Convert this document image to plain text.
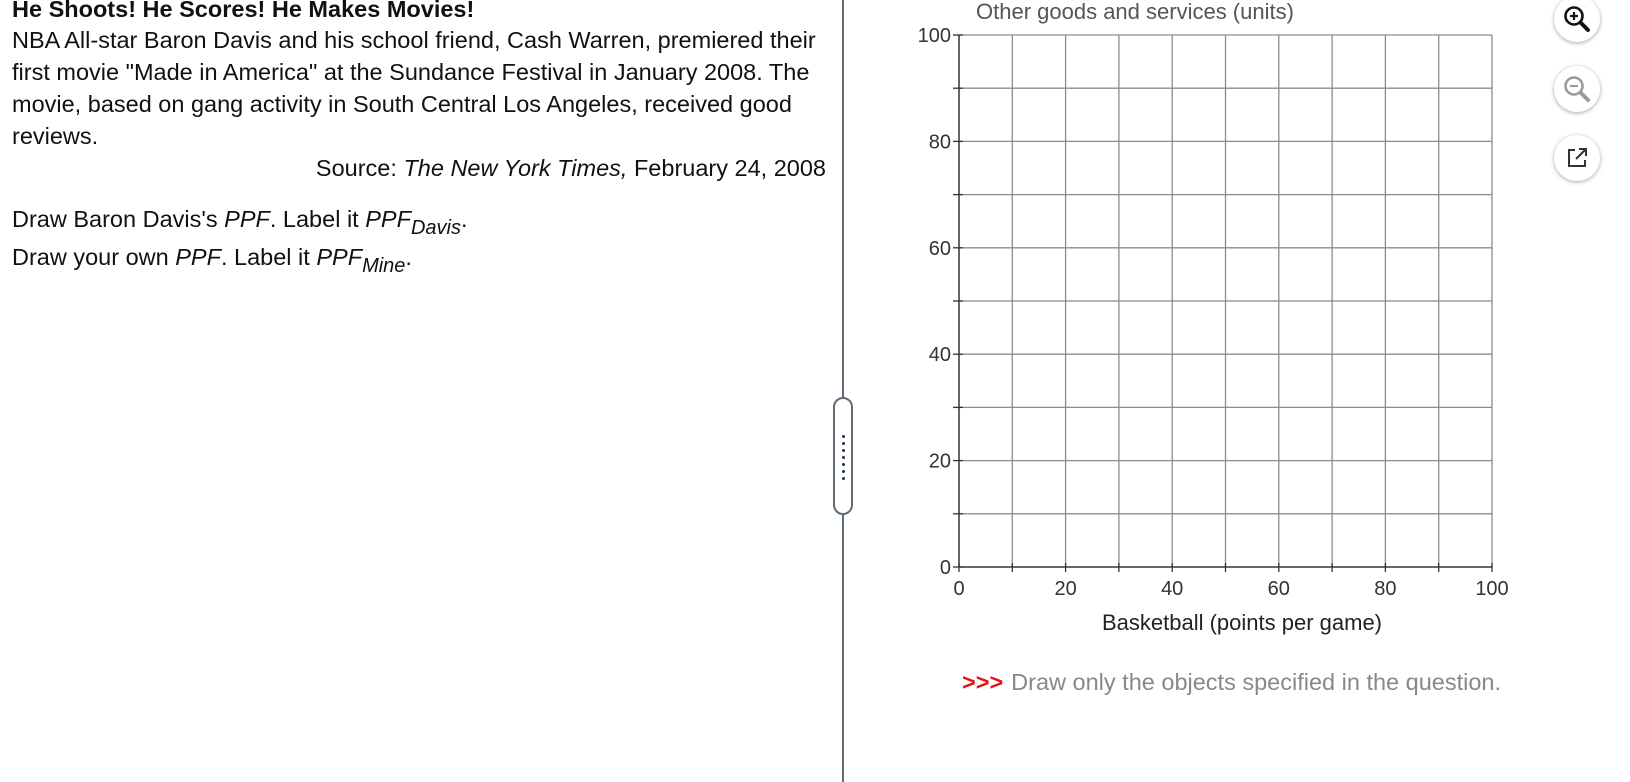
He Shoots! He Scores! He Makes Movies!

NBA All-star Baron Davis and his school friend, Cash Warren, premiered their first movie "Made in America" at the Sundance Festival in January 2008. The movie, based on gang activity in South Central Los Angeles, received good reviews.

Source: The New York Times, February 24, 2008

Draw Baron Davis's PPF. Label it $PPF_{Davis}$.
Draw your own PPF. Label it $PPF_{Mine}$.
0	20	40	60	80	100
0
20
40
60
80
100
Other goods and services (units)
Basketball (points per game)
>>> Draw only the objects specified in the question.
